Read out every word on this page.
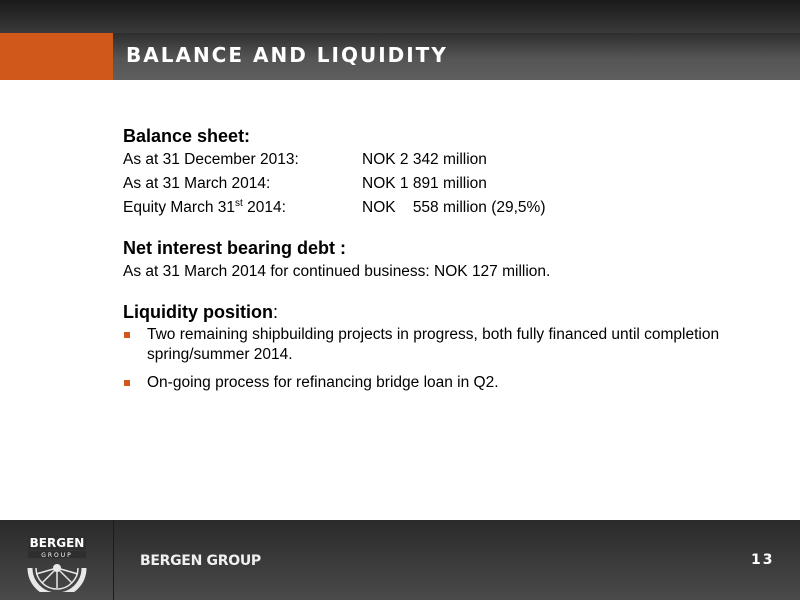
BALANCE AND LIQUIDITY
Balance sheet:
As at 31 December 2013:	NOK 2 342 million
As at 31 March 2014:	NOK 1 891 million
Equity March 31st 2014:	NOK    558 million (29,5%)
Net interest bearing debt :
As at 31 March 2014 for continued business: NOK 127 million.
Liquidity position:
Two remaining shipbuilding projects in progress, both fully financed until completion spring/summer 2014.
On-going process for refinancing bridge loan in Q2.
BERGEN
GROUP	BERGEN GROUP	13
